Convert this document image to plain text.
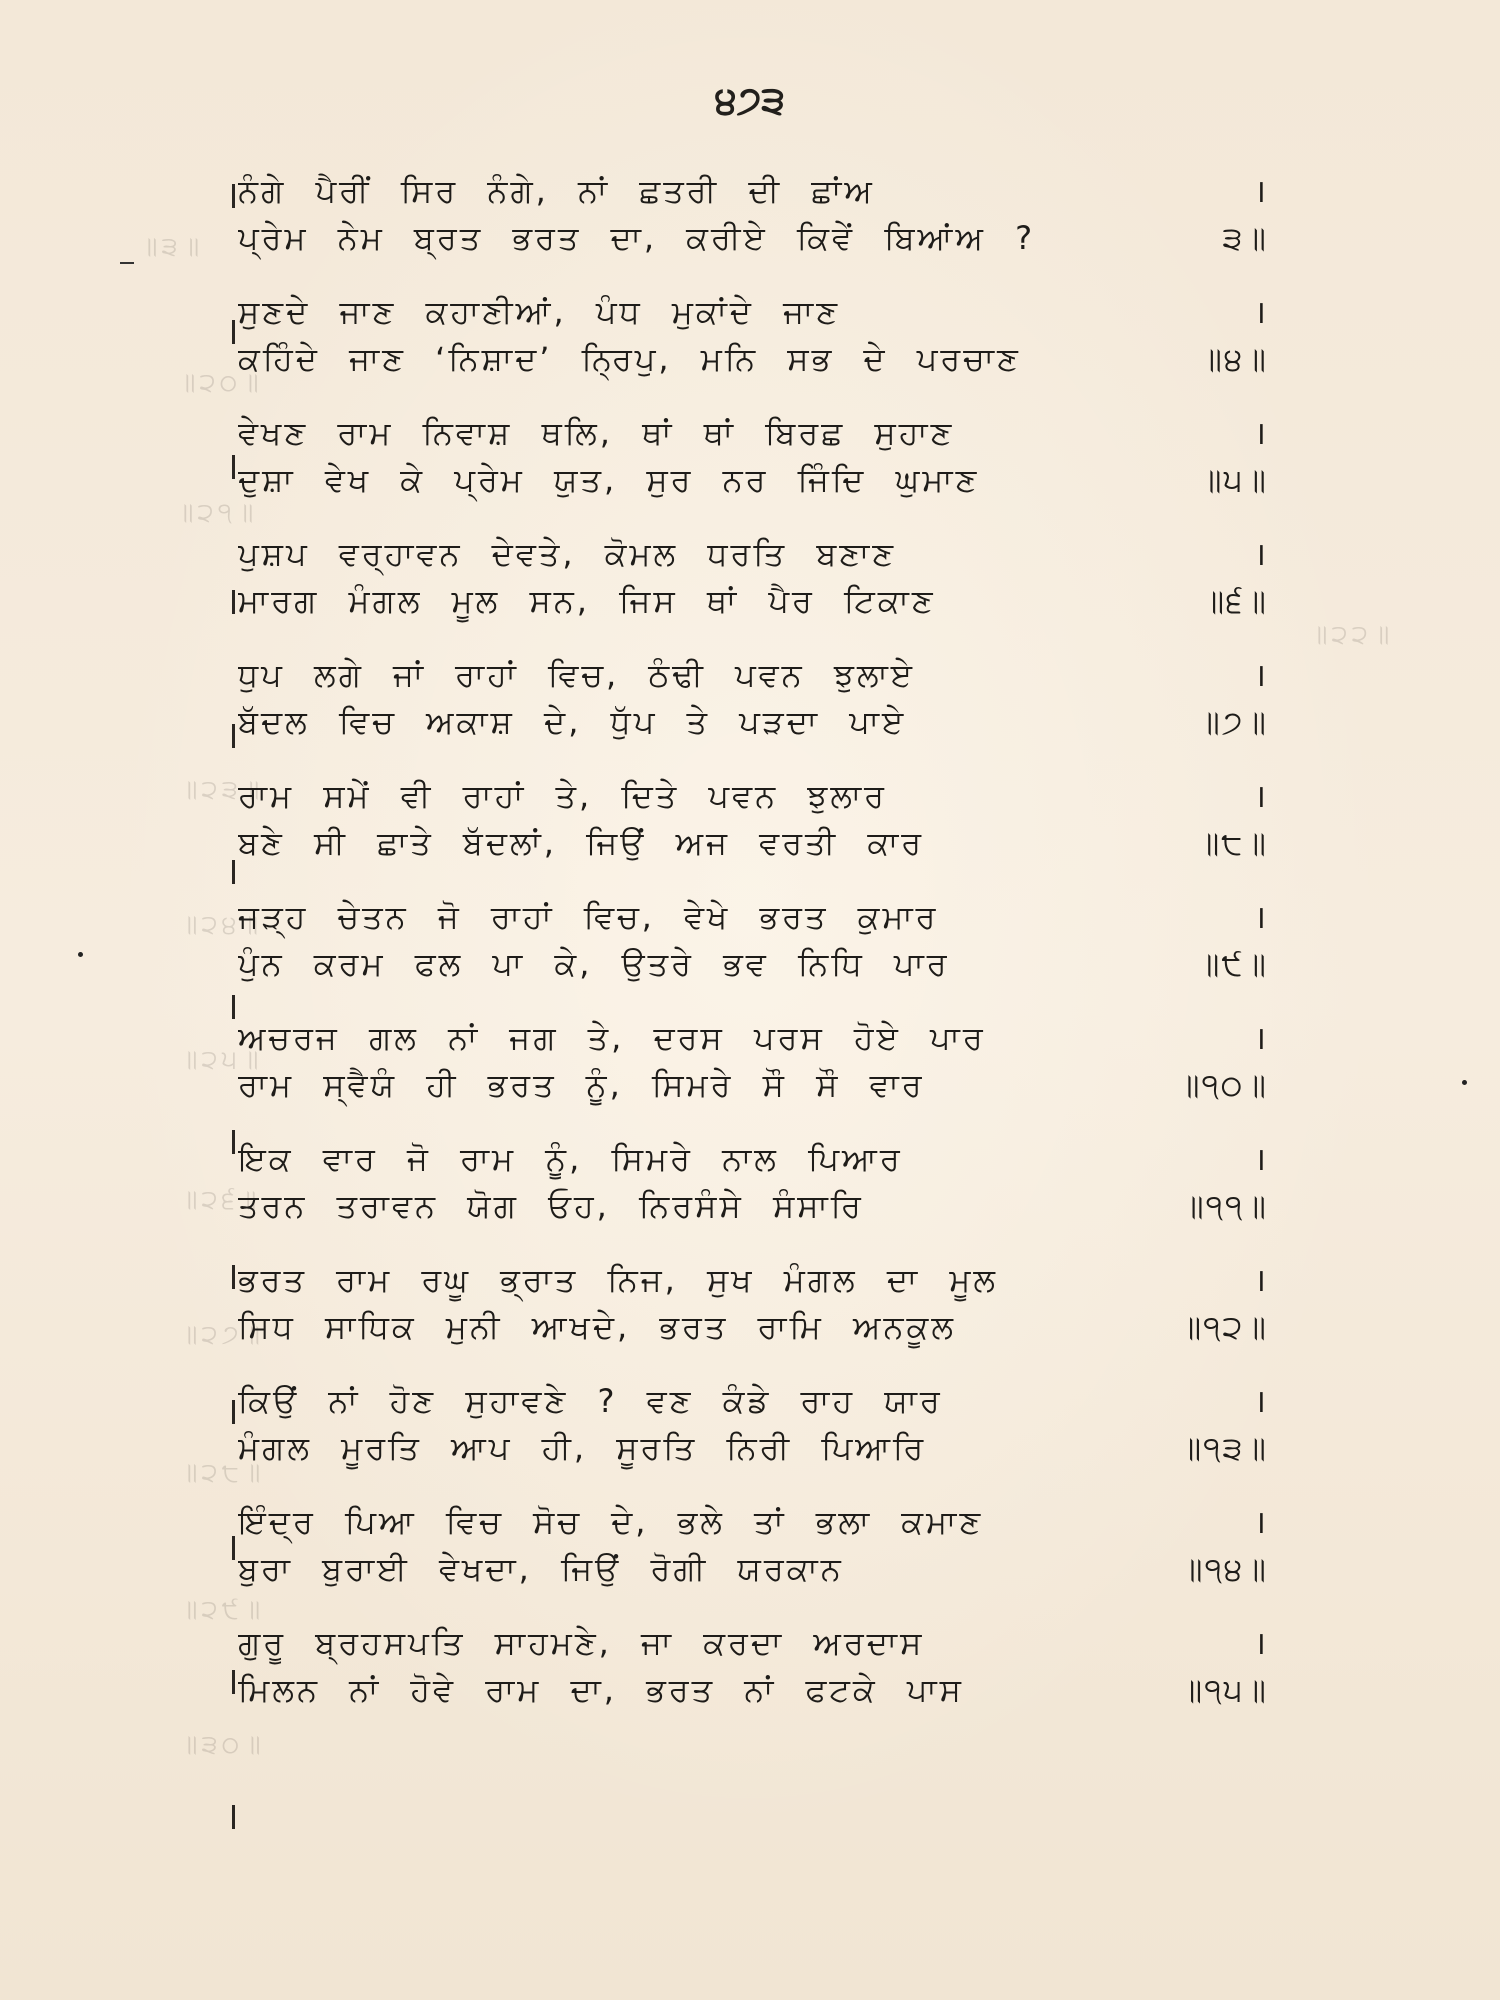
॥੩॥
॥੨੦॥
॥੨੧॥
॥੨੨॥
॥੨੩॥
॥੨੪॥
॥੨੫॥
॥੨੬॥
॥੨੭॥
॥੨੮॥
॥੨੯॥
॥੩੦॥
੪੭੩
ਨੰਗੇ ਪੈਰੀਂ ਸਿਰ ਨੰਗੇ, ਨਾਂ ਛਤਰੀ ਦੀ ਛਾਂਅ	।
ਪ੍ਰੇਮ ਨੇਮ ਬ੍ਰਤ ਭਰਤ ਦਾ, ਕਰੀਏ ਕਿਵੇਂ ਬਿਆਂਅ ?	੩॥
ਸੁਣਦੇ ਜਾਣ ਕਹਾਣੀਆਂ, ਪੰਧ ਮੁਕਾਂਦੇ ਜਾਣ	।
ਕਹਿੰਦੇ ਜਾਣ ‘ਨਿਸ਼ਾਦ’ ਨ੍ਰਿਪੁ, ਮਨਿ ਸਭ ਦੇ ਪਰਚਾਣ	॥੪॥
ਵੇਖਣ ਰਾਮ ਨਿਵਾਸ਼ ਥਲਿ, ਥਾਂ ਥਾਂ ਬਿਰਛ ਸੁਹਾਣ	।
ਦੁਸ਼ਾ ਵੇਖ ਕੇ ਪ੍ਰੇਮ ਯੁਤ, ਸੁਰ ਨਰ ਜਿੰਦਿ ਘੁਮਾਣ	॥੫॥
ਪੁਸ਼ਪ ਵਰ੍ਹਾਵਨ ਦੇਵਤੇ, ਕੋਮਲ ਧਰਤਿ ਬਣਾਣ	।
ਮਾਰਗ ਮੰਗਲ ਮੂਲ ਸਨ, ਜਿਸ ਥਾਂ ਪੈਰ ਟਿਕਾਣ	॥੬॥
ਧੁਪ ਲਗੇ ਜਾਂ ਰਾਹਾਂ ਵਿਚ, ਠੰਢੀ ਪਵਨ ਝੁਲਾਏ	।
ਬੱਦਲ ਵਿਚ ਅਕਾਸ਼ ਦੇ, ਧੁੱਪ ਤੇ ਪੜਦਾ ਪਾਏ	॥੭॥
ਰਾਮ ਸਮੇਂ ਵੀ ਰਾਹਾਂ ਤੇ, ਦਿਤੇ ਪਵਨ ਝੁਲਾਰ	।
ਬਣੇ ਸੀ ਛਾਤੇ ਬੱਦਲਾਂ, ਜਿਉਂ ਅਜ ਵਰਤੀ ਕਾਰ	॥੮॥
ਜੜ੍ਹ ਚੇਤਨ ਜੋ ਰਾਹਾਂ ਵਿਚ, ਵੇਖੇ ਭਰਤ ਕੁਮਾਰ	।
ਪੁੰਨ ਕਰਮ ਫਲ ਪਾ ਕੇ, ਉਤਰੇ ਭਵ ਨਿਧਿ ਪਾਰ	॥੯॥
ਅਚਰਜ ਗਲ ਨਾਂ ਜਗ ਤੇ, ਦਰਸ ਪਰਸ ਹੋਏ ਪਾਰ	।
ਰਾਮ ਸ੍ਵੈਯੰ ਹੀ ਭਰਤ ਨੂੰ, ਸਿਮਰੇ ਸੌ ਸੌ ਵਾਰ	॥੧੦॥
ਇਕ ਵਾਰ ਜੋ ਰਾਮ ਨੂੰ, ਸਿਮਰੇ ਨਾਲ ਪਿਆਰ	।
ਤਰਨ ਤਰਾਵਨ ਯੋਗ ਓਹ, ਨਿਰਸੰਸੇ ਸੰਸਾਰਿ	॥੧੧॥
ਭਰਤ ਰਾਮ ਰਘੂ ਭ੍ਰਾਤ ਨਿਜ, ਸੁਖ ਮੰਗਲ ਦਾ ਮੂਲ	।
ਸਿਧ ਸਾਧਿਕ ਮੁਨੀ ਆਖਦੇ, ਭਰਤ ਰਾਮਿ ਅਨਕੂਲ	॥੧੨॥
ਕਿਉਂ ਨਾਂ ਹੋਣ ਸੁਹਾਵਣੇ ? ਵਣ ਕੰਡੇ ਰਾਹ ਯਾਰ	।
ਮੰਗਲ ਮੂਰਤਿ ਆਪ ਹੀ, ਸੂਰਤਿ ਨਿਰੀ ਪਿਆਰਿ	॥੧੩॥
ਇੰਦ੍ਰ ਪਿਆ ਵਿਚ ਸੋਚ ਦੇ, ਭਲੇ ਤਾਂ ਭਲਾ ਕਮਾਣ	।
ਬੁਰਾ ਬੁਰਾਈ ਵੇਖਦਾ, ਜਿਉਂ ਰੋਗੀ ਯਰਕਾਨ	॥੧੪॥
ਗੁਰੂ ਬ੍ਰਹਸਪਤਿ ਸਾਹਮਣੇ, ਜਾ ਕਰਦਾ ਅਰਦਾਸ	।
ਮਿਲਨ ਨਾਂ ਹੋਵੇ ਰਾਮ ਦਾ, ਭਰਤ ਨਾਂ ਫਟਕੇ ਪਾਸ	॥੧੫॥
